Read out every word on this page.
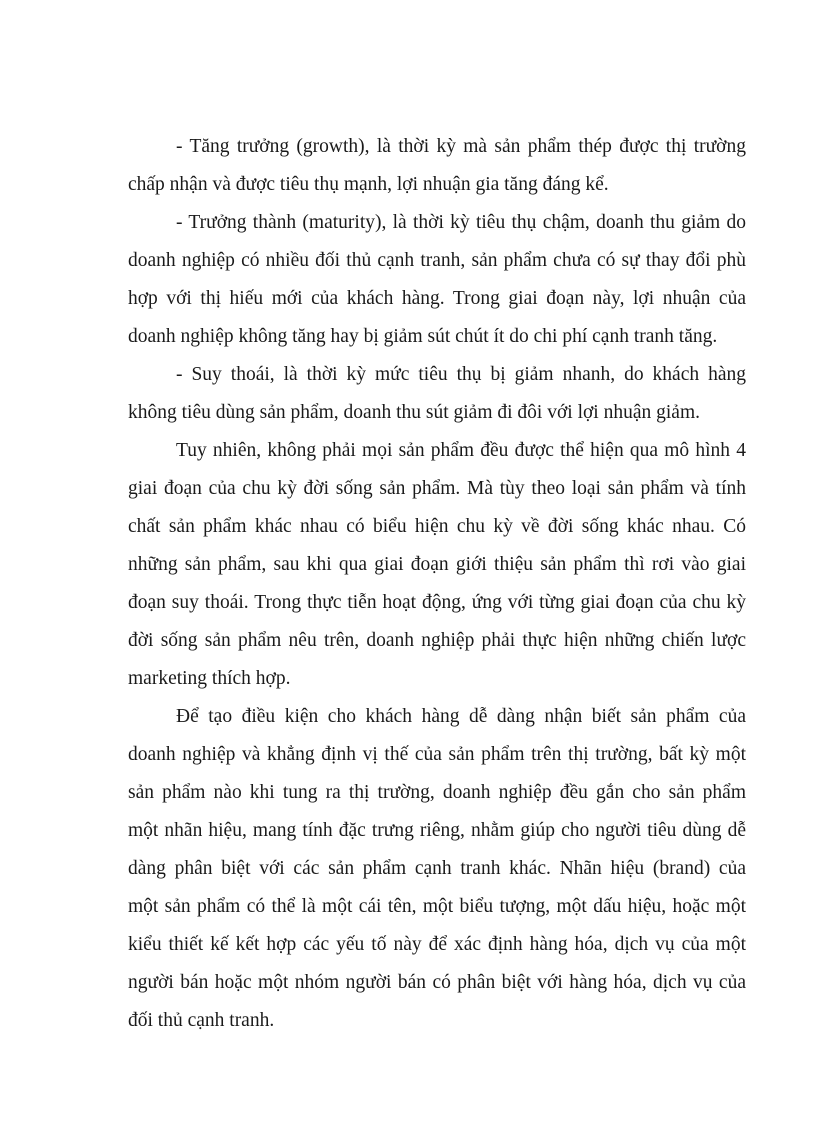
- Tăng trưởng (growth), là thời kỳ mà sản phẩm thép được thị trường
chấp nhận và được tiêu thụ mạnh, lợi nhuận gia tăng đáng kể.
- Trưởng thành (maturity), là thời kỳ tiêu thụ chậm, doanh thu giảm do
doanh nghiệp có nhiều đối thủ cạnh tranh, sản phẩm chưa có sự thay đổi phù
hợp với thị hiếu mới của khách hàng. Trong giai đoạn này, lợi nhuận của
doanh nghiệp không tăng hay bị giảm sút chút ít do chi phí cạnh tranh tăng.
- Suy thoái, là thời kỳ mức tiêu thụ bị giảm nhanh, do khách hàng
không tiêu dùng sản phẩm, doanh thu sút giảm đi đôi với lợi nhuận giảm.
Tuy nhiên, không phải mọi sản phẩm đều được thể hiện qua mô hình 4
giai đoạn của chu kỳ đời sống sản phẩm. Mà tùy theo loại sản phẩm và tính
chất sản phẩm khác nhau có biểu hiện chu kỳ về đời sống khác nhau. Có
những sản phẩm, sau khi qua giai đoạn giới thiệu sản phẩm thì rơi vào giai
đoạn suy thoái. Trong thực tiễn hoạt động, ứng với từng giai đoạn của chu kỳ
đời sống sản phẩm nêu trên, doanh nghiệp phải thực hiện những chiến lược
marketing thích hợp.
Để tạo điều kiện cho khách hàng dễ dàng nhận biết sản phẩm của
doanh nghiệp và khẳng định vị thế của sản phẩm trên thị trường, bất kỳ một
sản phẩm nào khi tung ra thị trường, doanh nghiệp đều gắn cho sản phẩm
một nhãn hiệu, mang tính đặc trưng riêng, nhằm giúp cho người tiêu dùng dễ
dàng phân biệt với các sản phẩm cạnh tranh khác. Nhãn hiệu (brand) của
một sản phẩm có thể là một cái tên, một biểu tượng, một dấu hiệu, hoặc một
kiểu thiết kế kết hợp các yếu tố này để xác định hàng hóa, dịch vụ của một
người bán hoặc một nhóm người bán có phân biệt với hàng hóa, dịch vụ của
đối thủ cạnh tranh.
